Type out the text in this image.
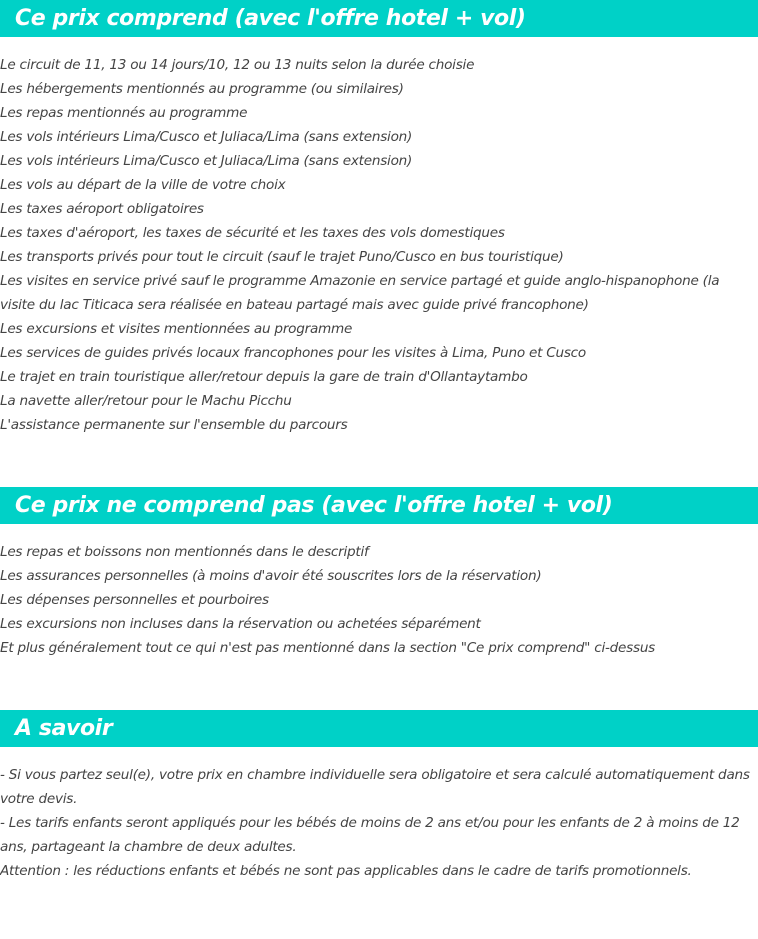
Ce prix comprend (avec l'offre hotel + vol)
Le circuit de 11, 13 ou 14 jours/10, 12 ou 13 nuits selon la durée choisie
Les hébergements mentionnés au programme (ou similaires)
Les repas mentionnés au programme
Les vols intérieurs Lima/Cusco et Juliaca/Lima (sans extension)
Les vols intérieurs Lima/Cusco et Juliaca/Lima (sans extension)
Les vols au départ de la ville de votre choix
Les taxes aéroport obligatoires
Les taxes d'aéroport, les taxes de sécurité et les taxes des vols domestiques
Les transports privés pour tout le circuit (sauf le trajet Puno/Cusco en bus touristique)
Les visites en service privé sauf le programme Amazonie en service partagé et guide anglo-hispanophone (la visite du lac Titicaca sera réalisée en bateau partagé mais avec guide privé francophone)
Les excursions et visites mentionnées au programme
Les services de guides privés locaux francophones pour les visites à Lima, Puno et Cusco
Le trajet en train touristique aller/retour depuis la gare de train d'Ollantaytambo
La navette aller/retour pour le Machu Picchu
L'assistance permanente sur l'ensemble du parcours
Ce prix ne comprend pas (avec l'offre hotel + vol)
Les repas et boissons non mentionnés dans le descriptif
Les assurances personnelles (à moins d'avoir été souscrites lors de la réservation)
Les dépenses personnelles et pourboires
Les excursions non incluses dans la réservation ou achetées séparément
Et plus généralement tout ce qui n'est pas mentionné dans la section "Ce prix comprend" ci-dessus
A savoir

- Si vous partez seul(e), votre prix en chambre individuelle sera obligatoire et sera calculé automatiquement dans votre devis.

- Les tarifs enfants seront appliqués pour les bébés de moins de 2 ans et/ou pour les enfants de 2 à moins de 12 ans, partageant la chambre de deux adultes.

Attention : les réductions enfants et bébés ne sont pas applicables dans le cadre de tarifs promotionnels.
